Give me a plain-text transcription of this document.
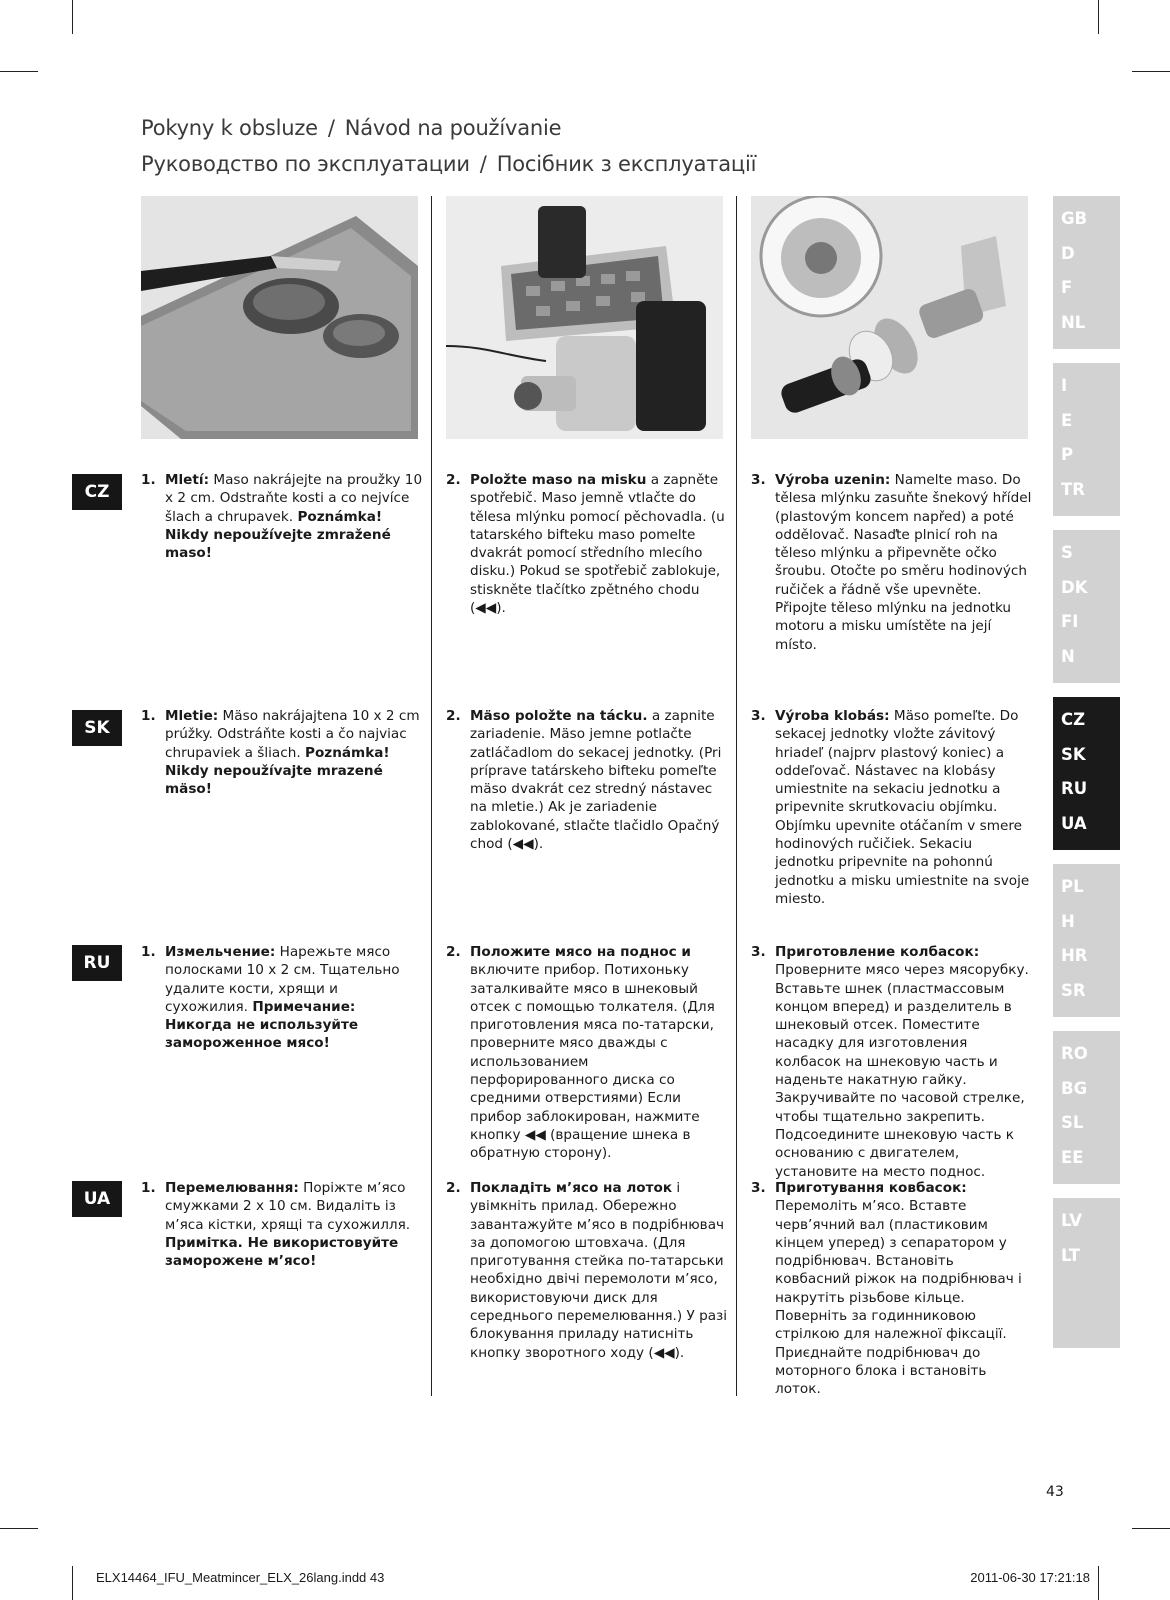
Pokyny k obsluze / Návod na používanie
Руководство по эксплуатации / Посібник з експлуатації
CZ
1. Mletí: Maso nakrájejte na proužky 10 x 2 cm. Odstraňte kosti a co nejvíce šlach a chrupavek. Poznámka! Nikdy nepoužívejte zmražené maso!
2. Položte maso na misku a zapněte spotřebič. Maso jemně vtlačte do tělesa mlýnku pomocí pěchovadla. (u tatarského bifteku maso pomelte dvakrát pomocí středního mlecího disku.) Pokud se spotřebič zablokuje, stiskněte tlačítko zpětného chodu (◀◀).
3. Výroba uzenin: Namelte maso. Do tělesa mlýnku zasuňte šnekový hřídel (plastovým koncem napřed) a poté oddělovač. Nasaďte plnicí roh na těleso mlýnku a připevněte očko šroubu. Otočte po směru hodinových ručiček a řádně vše upevněte. Připojte těleso mlýnku na jednotku motoru a misku umístěte na její místo.
SK
1. Mletie: Mäso nakrájajtena 10 x 2 cm prúžky. Odstráňte kosti a čo najviac chrupaviek a šliach. Poznámka! Nikdy nepoužívajte mrazené mäso!
2. Mäso položte na tácku. a zapnite zariadenie. Mäso jemne potlačte zatláčadlom do sekacej jednotky. (Pri príprave tatárskeho bifteku pomeľte mäso dvakrát cez stredný nástavec na mletie.) Ak je zariadenie zablokované, stlačte tlačidlo Opačný chod (◀◀).
3. Výroba klobás: Mäso pomeľte. Do sekacej jednotky vložte závitový hriadeľ (najprv plastový koniec) a oddeľovač. Nástavec na klobásy umiestnite na sekaciu jednotku a pripevnite skrutkovaciu objímku. Objímku upevnite otáčaním v smere hodinových ručičiek. Sekaciu jednotku pripevnite na pohonnú jednotku a misku umiestnite na svoje miesto.
RU
1. Измельчение: Нарежьте мясо полосками 10 x 2 см. Тщательно удалите кости, хрящи и сухожилия. Примечание: Никогда не используйте замороженное мясо!
2. Положите мясо на поднос и включите прибор. Потихоньку заталкивайте мясо в шнековый отсек с помощью толкателя. (Для приготовления мяса по-татарски, проверните мясо дважды с использованием перфорированного диска со средними отверстиями) Если прибор заблокирован, нажмите кнопку ◀◀ (вращение шнека в обратную сторону).
3. Приготовление колбасок: Проверните мясо через мясорубку. Вставьте шнек (пластмассовым концом вперед) и разделитель в шнековый отсек. Поместите насадку для изготовления колбасок на шнековую часть и наденьте накатную гайку. Закручивайте по часовой стрелке, чтобы тщательно закрепить. Подсоедините шнековую часть к основанию с двигателем, установите на место поднос.
UA
1. Перемелювання: Поріжте м’ясо смужками 2 x 10 см. Видаліть із м’яса кістки, хрящі та сухожилля. Примітка. Не використовуйте заморожене м’ясо!
2. Покладіть м’ясо на лоток і увімкніть прилад. Обережно завантажуйте м’ясо в подрібнювач за допомогою штовхача. (Для приготування стейка по-татарськи необхідно двічі перемолоти м’ясо, використовуючи диск для середнього перемелювання.) У разі блокування приладу натисніть кнопку зворотного ходу (◀◀).
3. Приготування ковбасок: Перемоліть м’ясо. Вставте черв’ячний вал (пластиковим кінцем уперед) з сепаратором у подрібнювач. Встановіть ковбасний ріжок на подрібнювач і накрутіть різьбове кільце. Поверніть за годинниковою стрілкою для належної фіксації. Приєднайте подрібнювач до моторного блока і встановіть лоток.
GB
D
F
NL
I
E
P
TR
S
DK
FI
N
CZ
SK
RU
UA
PL
H
HR
SR
RO
BG
SL
EE
LV
LT
43
ELX14464_IFU_Meatmincer_ELX_26lang.indd 43	2011-06-30 17:21:18
